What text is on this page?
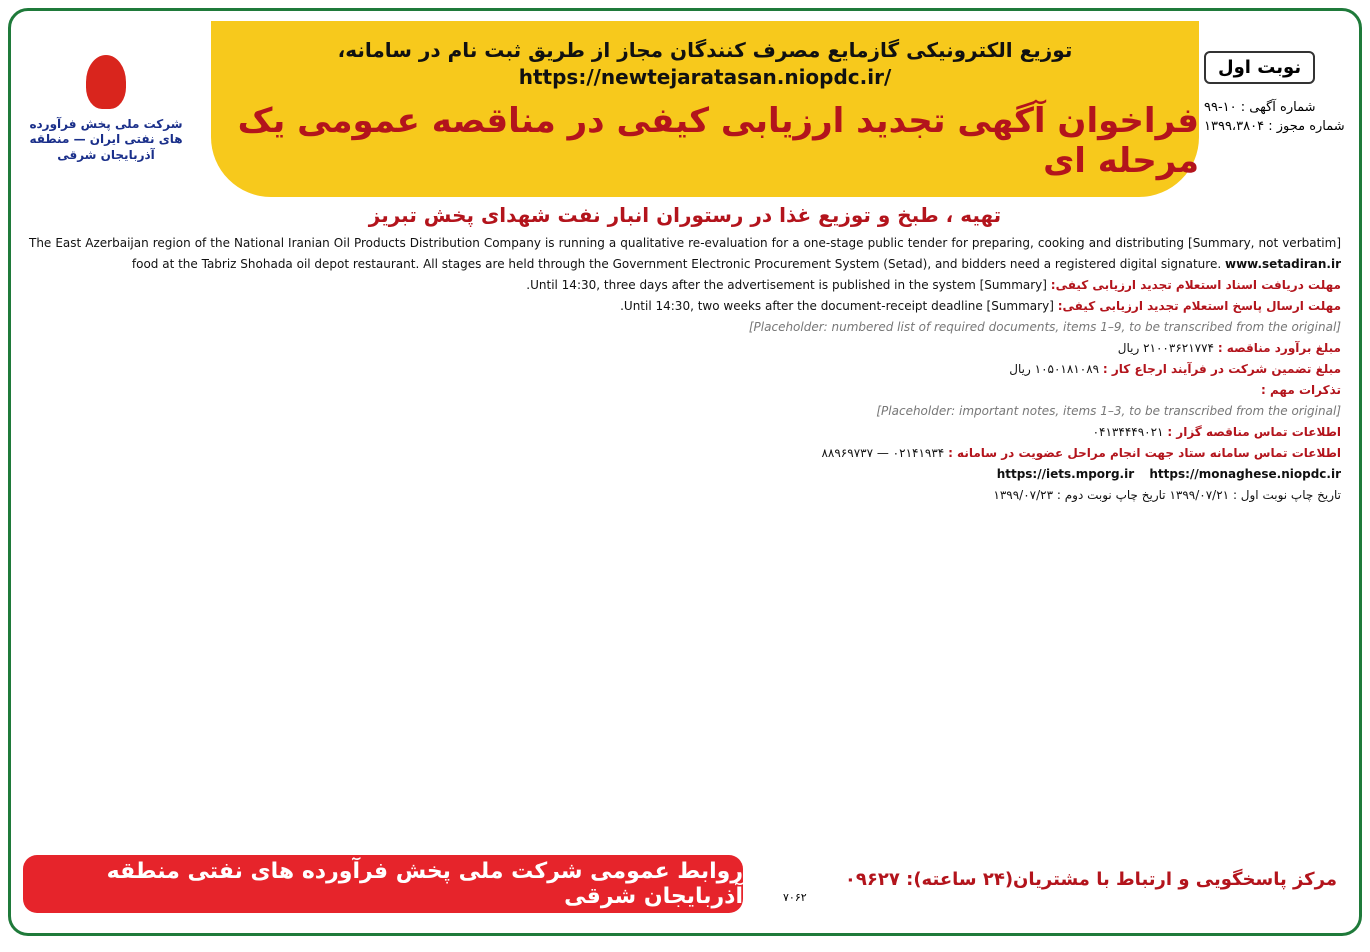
نوبت اول
شماره آگهی : ۱۰-۹۹
شماره مجوز : ۱۳۹۹،۳۸۰۴
توزیع الکترونیکی گازمایع مصرف کنندگان مجاز از طریق ثبت نام در سامانه،
https://newtejaratasan.niopdc.ir/
فراخوان آگهی تجدید ارزیابی کیفی در مناقصه عمومی یک مرحله ای
شرکت ملی پخش فرآورده های نفتی ایران — منطقه آذربایجان شرقی
تهیه ، طبخ و توزیع غذا در رستوران انبار نفت شهدای پخش تبریز

[Summary, not verbatim] The East Azerbaijan region of the National Iranian Oil Products Distribution Company is running a qualitative re-evaluation for a one-stage public tender for preparing, cooking and distributing food at the Tabriz Shohada oil depot restaurant. All stages are held through the Government Electronic Procurement System (Setad), and bidders need a registered digital signature. www.setadiran.ir

مهلت دریافت اسناد استعلام تجدید ارزیابی کیفی: [Summary] Until 14:30, three days after the advertisement is published in the system.

مهلت ارسال پاسخ استعلام تجدید ارزیابی کیفی: [Summary] Until 14:30, two weeks after the document-receipt deadline.

[Placeholder: numbered list of required documents, items 1–9, to be transcribed from the original]

مبلغ برآورد مناقصه : ۲۱۰۰۳۶۲۱۷۷۴ ریال

مبلغ تضمین شرکت در فرآیند ارجاع کار : ۱۰۵۰۱۸۱۰۸۹ ریال

تذکرات مهم :

[Placeholder: important notes, items 1–3, to be transcribed from the original]

اطلاعات تماس مناقصه گزار : ۰۴۱۳۴۴۴۹۰۲۱

اطلاعات تماس سامانه ستاد جهت انجام مراحل عضویت در سامانه : ۰۲۱۴۱۹۳۴ — ۸۸۹۶۹۷۳۷

https://iets.mporg.ir https://monaghese.niopdc.ir

تاریخ چاپ نوبت اول : ۱۳۹۹/۰۷/۲۱ تاریخ چاپ نوبت دوم : ۱۳۹۹/۰۷/۲۳

مرکز پاسخگویی و ارتباط با مشتریان(۲۴ ساعته): ۰۹۶۲۷
۷۰۶۲
روابط عمومی شرکت ملی پخش فرآورده های نفتی منطقه آذربایجان شرقی
